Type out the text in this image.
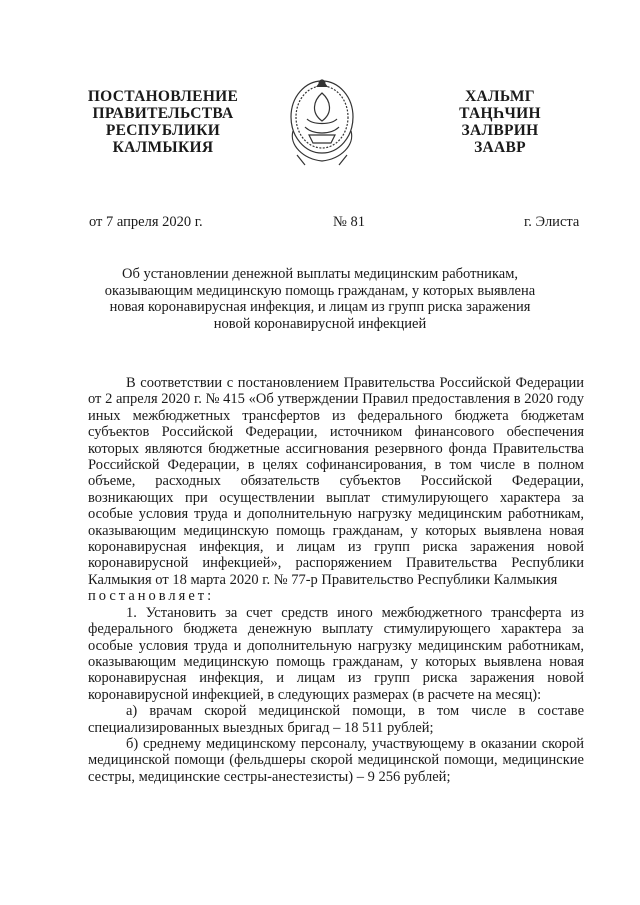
ПОСТАНОВЛЕНИЕ
ПРАВИТЕЛЬСТВА
РЕСПУБЛИКИ
КАЛМЫКИЯ
ХАЛЬМГ
ТАҢҺЧИН
ЗАЛВРИН
ЗААВР
от 7 апреля 2020 г.	№ 81	г. Элиста
Об установлении денежной выплаты медицинским работникам, оказывающим медицинскую помощь гражданам, у которых выявлена новая коронавирусная инфекция, и лицам из групп риска заражения новой коронавирусной инфекцией

В соответствии с постановлением Правительства Российской Федерации от 2 апреля 2020 г. № 415 «Об утверждении Правил предоставления в 2020 году иных межбюджетных трансфертов из федерального бюджета бюджетам субъектов Российской Федерации, источником финансового обеспечения которых являются бюджетные ассигнования резервного фонда Правительства Российской Федерации, в целях софинансирования, в том числе в полном объеме, расходных обязательств субъектов Российской Федерации, возникающих при осуществлении выплат стимулирующего характера за особые условия труда и дополнительную нагрузку медицинским работникам, оказывающим медицинскую помощь гражданам, у которых выявлена новая коронавирусная инфекция, и лицам из групп риска заражения новой коронавирусной инфекцией», распоряжением Правительства Республики Калмыкия от 18 марта 2020 г. № 77-р Правительство Республики Калмыкия

постановляет:

1. Установить за счет средств иного межбюджетного трансферта из федерального бюджета денежную выплату стимулирующего характера за особые условия труда и дополнительную нагрузку медицинским работникам, оказывающим медицинскую помощь гражданам, у которых выявлена новая коронавирусная инфекция, и лицам из групп риска заражения новой коронавирусной инфекцией, в следующих размерах (в расчете на месяц):

а) врачам скорой медицинской помощи, в том числе в составе специализированных выездных бригад – 18 511 рублей;

б) среднему медицинскому персоналу, участвующему в оказании скорой медицинской помощи (фельдшеры скорой медицинской помощи, медицинские сестры, медицинские сестры-анестезисты) – 9 256 рублей;
